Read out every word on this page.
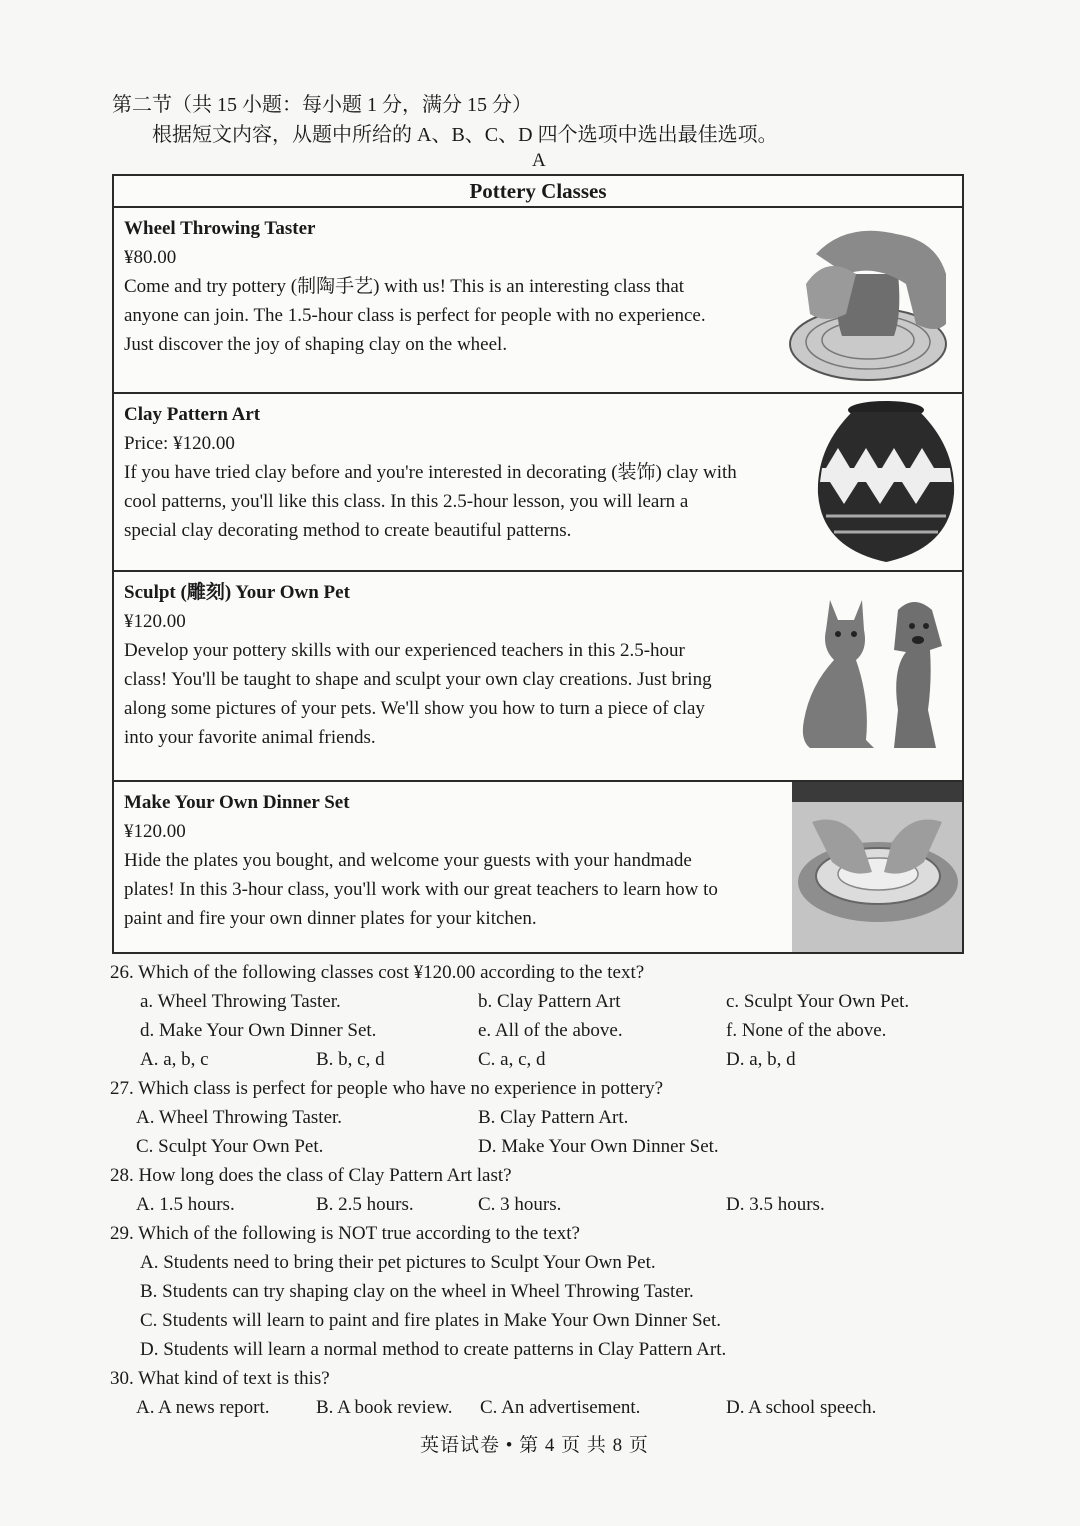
第二节（共 15 小题：每小题 1 分，满分 15 分）
根据短文内容，从题中所给的 A、B、C、D 四个选项中选出最佳选项。
A
Pottery Classes
Wheel Throwing Taster
¥80.00
Come and try pottery (制陶手艺) with us! This is an interesting class that
anyone can join. The 1.5-hour class is perfect for people with no experience.
Just discover the joy of shaping clay on the wheel.
Clay Pattern Art
Price: ¥120.00
If you have tried clay before and you're interested in decorating (装饰) clay with
cool patterns, you'll like this class. In this 2.5-hour lesson, you will learn a
special clay decorating method to create beautiful patterns.
Sculpt (雕刻) Your Own Pet
¥120.00
Develop your pottery skills with our experienced teachers in this 2.5-hour
class! You'll be taught to shape and sculpt your own clay creations. Just bring
along some pictures of your pets. We'll show you how to turn a piece of clay
into your favorite animal friends.
Make Your Own Dinner Set
¥120.00
Hide the plates you bought, and welcome your guests with your handmade
plates! In this 3-hour class, you'll work with our great teachers to learn how to
paint and fire your own dinner plates for your kitchen.
26. Which of the following classes cost ¥120.00 according to the text?
a. Wheel Throwing Taster.	b. Clay Pattern Art	c. Sculpt Your Own Pet.
d. Make Your Own Dinner Set.	e. All of the above.	f. None of the above.
A. a, b, c	B. b, c, d	C. a, c, d	D. a, b, d
27. Which class is perfect for people who have no experience in pottery?
A. Wheel Throwing Taster.	B. Clay Pattern Art.
C. Sculpt Your Own Pet.	D. Make Your Own Dinner Set.
28. How long does the class of Clay Pattern Art last?
A. 1.5 hours.	B. 2.5 hours.	C. 3 hours.	D. 3.5 hours.
29. Which of the following is NOT true according to the text?
A. Students need to bring their pet pictures to Sculpt Your Own Pet.
B. Students can try shaping clay on the wheel in Wheel Throwing Taster.
C. Students will learn to paint and fire plates in Make Your Own Dinner Set.
D. Students will learn a normal method to create patterns in Clay Pattern Art.
30. What kind of text is this?
A. A news report. B. A book review. C. An advertisement.	D. A school speech.
英语试卷 • 第 4 页 共 8 页
